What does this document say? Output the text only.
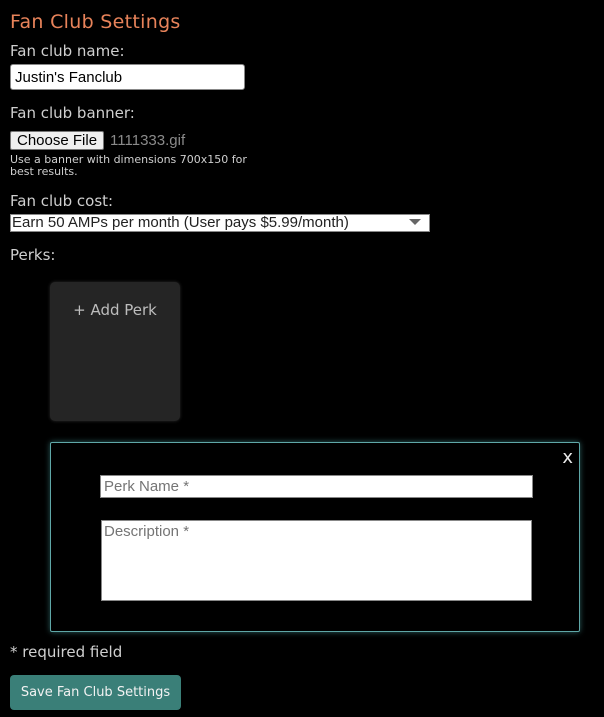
Fan Club Settings
Fan club name:
Justin's Fanclub
Fan club banner:
Choose File 1111333.gif
Use a banner with dimensions 700x150 for best results.
Fan club cost:
Earn 50 AMPs per month (User pays $5.99/month)
Perks:
+ Add Perk
x
Perk Name *
Description *
* required field
Save Fan Club Settings
